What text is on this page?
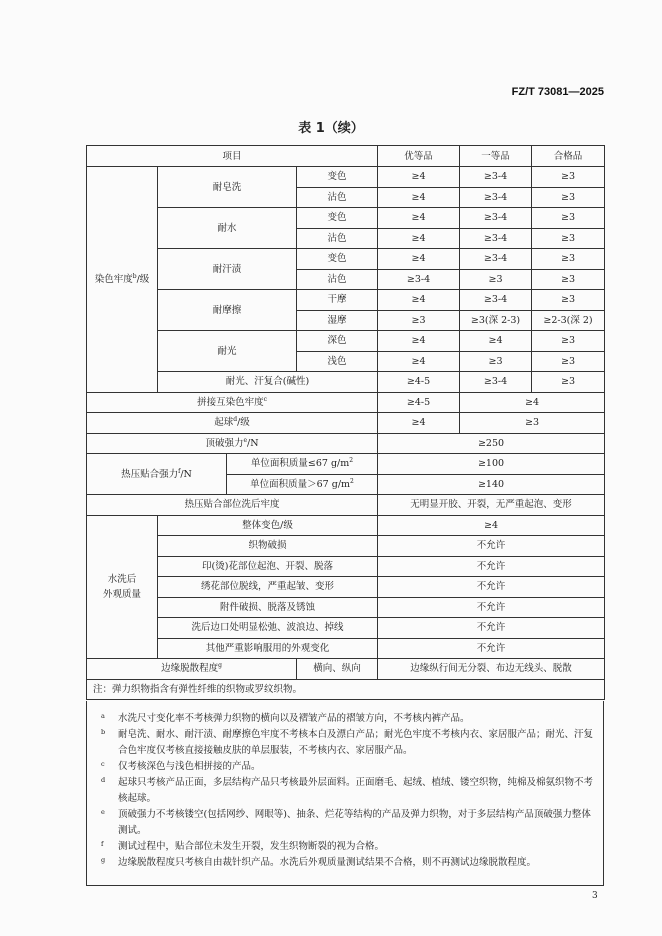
FZ/T 73081—2025
表 1（续）
项目				优等品	一等品	合格品
染色牢度$^b$/级	耐皂洗		变色	≥4	≥3-4	≥3
			沾色	≥4	≥3-4	≥3
	耐水		变色	≥4	≥3-4	≥3
			沾色	≥4	≥3-4	≥3
	耐汗渍		变色	≥4	≥3-4	≥3
			沾色	≥3-4	≥3	≥3
	耐摩擦		干摩	≥4	≥3-4	≥3
			湿摩	≥3	≥3(深 2-3)	≥2-3(深 2)
	耐光		深色	≥4	≥4	≥3
			浅色	≥4	≥3	≥3
	耐光、汗复合(碱性)			≥4-5	≥3-4	≥3
拼接互染色牢度$^c$				≥4-5	≥4	
起球$^d$/级				≥4	≥3	
顶破强力$^e$/N				≥250		
热压贴合强力$^f$/N		单位面积质量≤67 $g/m^2$		≥100		
		单位面积质量＞67 $g/m^2$		≥140		
热压贴合部位洗后牢度				无明显开胶、开裂，无严重起泡、变形		

水洗后
外观质量	整体变色/级			≥4		
	织物破损			不允许		
	印(烫)花部位起泡、开裂、脱落			不允许		
	绣花部位脱线，严重起皱、变形			不允许		
	附件破损、脱落及锈蚀			不允许		
	洗后边口处明显松弛、波浪边、掉线			不允许		
	其他严重影响服用的外观变化			不允许		
边缘脱散程度$^g$			横向、纵向	边缘纵行间无分裂、布边无线头、脱散		
注：弹力织物指含有弹性纤维的织物或罗纹织物。						
a	水洗尺寸变化率不考核弹力织物的横向以及褶皱产品的褶皱方向，不考核内裤产品。
b	耐皂洗、耐水、耐汗渍、耐摩擦色牢度不考核本白及漂白产品；耐光色牢度不考核内衣、家居服产品；耐光、汗复合色牢度仅考核直接接触皮肤的单层服装，不考核内衣、家居服产品。
c	仅考核深色与浅色相拼接的产品。
d	起球只考核产品正面，多层结构产品只考核最外层面料。正面磨毛、起绒、植绒、镂空织物，纯棉及棉氨织物不考核起球。
e	顶破强力不考核镂空(包括网纱、网眼等)、抽条、烂花等结构的产品及弹力织物，对于多层结构产品顶破强力整体测试。
f	测试过程中，贴合部位未发生开裂，发生织物断裂的视为合格。
g	边缘脱散程度只考核自由裁针织产品。水洗后外观质量测试结果不合格，则不再测试边缘脱散程度。
3
